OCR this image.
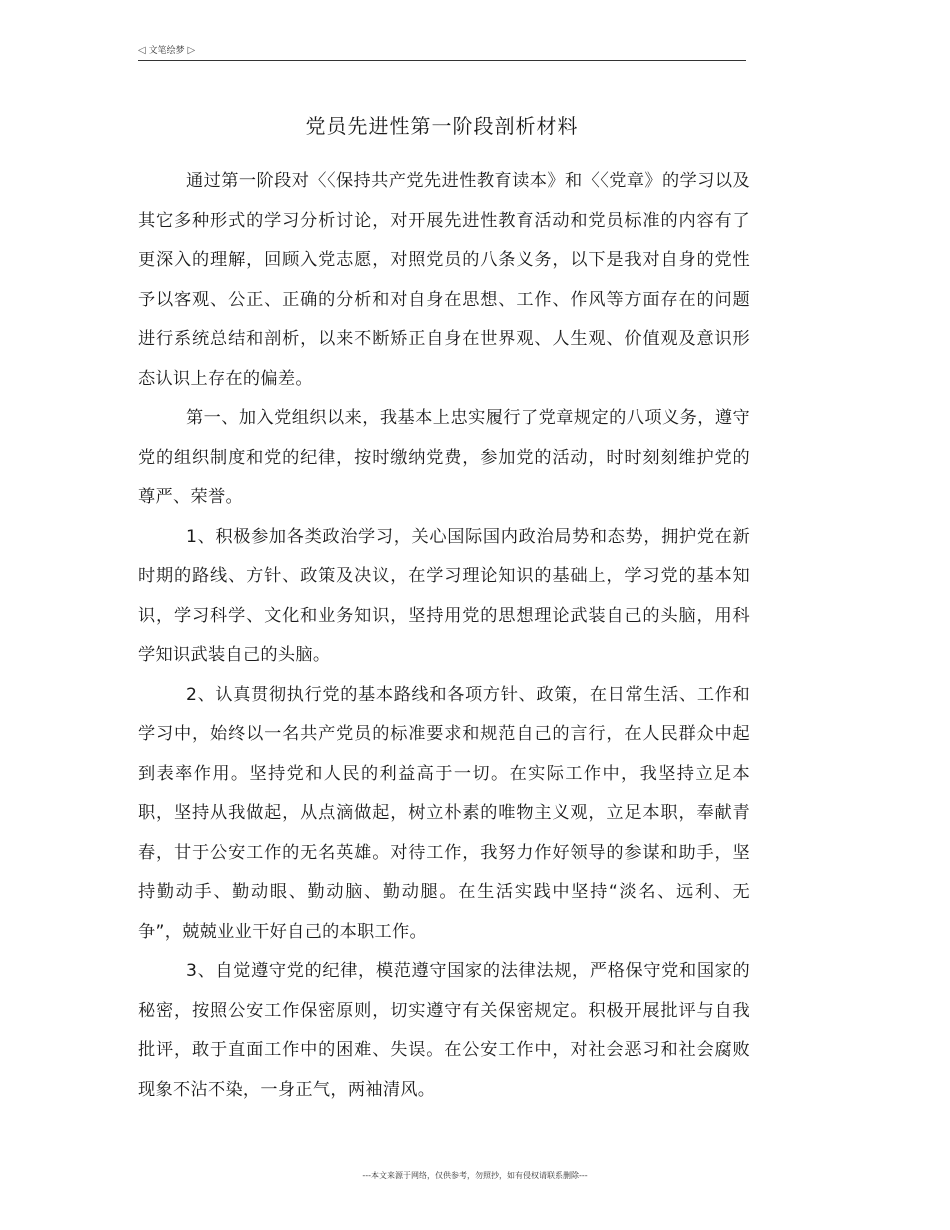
◁ 文笔绘梦 ▷
党员先进性第一阶段剖析材料

通过第一阶段对〈〈保持共产党先进性教育读本》和〈〈党章》的学习以及其它多种形式的学习分析讨论，对开展先进性教育活动和党员标准的内容有了更深入的理解，回顾入党志愿，对照党员的八条义务，以下是我对自身的党性予以客观、公正、正确的分析和对自身在思想、工作、作风等方面存在的问题进行系统总结和剖析，以来不断矫正自身在世界观、人生观、价值观及意识形态认识上存在的偏差。

第一、加入党组织以来，我基本上忠实履行了党章规定的八项义务，遵守党的组织制度和党的纪律，按时缴纳党费，参加党的活动，时时刻刻维护党的尊严、荣誉。

1、积极参加各类政治学习，关心国际国内政治局势和态势，拥护党在新时期的路线、方针、政策及决议，在学习理论知识的基础上，学习党的基本知识，学习科学、文化和业务知识，坚持用党的思想理论武装自己的头脑，用科学知识武装自己的头脑。

2、认真贯彻执行党的基本路线和各项方针、政策，在日常生活、工作和学习中，始终以一名共产党员的标准要求和规范自己的言行，在人民群众中起到表率作用。坚持党和人民的利益高于一切。在实际工作中，我坚持立足本职，坚持从我做起，从点滴做起，树立朴素的唯物主义观，立足本职，奉献青春，甘于公安工作的无名英雄。对待工作，我努力作好领导的参谋和助手，坚持勤动手、勤动眼、勤动脑、勤动腿。在生活实践中坚持“淡名、远利、无争”，兢兢业业干好自己的本职工作。

3、自觉遵守党的纪律，模范遵守国家的法律法规，严格保守党和国家的秘密，按照公安工作保密原则，切实遵守有关保密规定。积极开展批评与自我批评，敢于直面工作中的困难、失误。在公安工作中，对社会恶习和社会腐败现象不沾不染，一身正气，两袖清风。

---本文来源于网络，仅供参考，勿照抄，如有侵权请联系删除---
